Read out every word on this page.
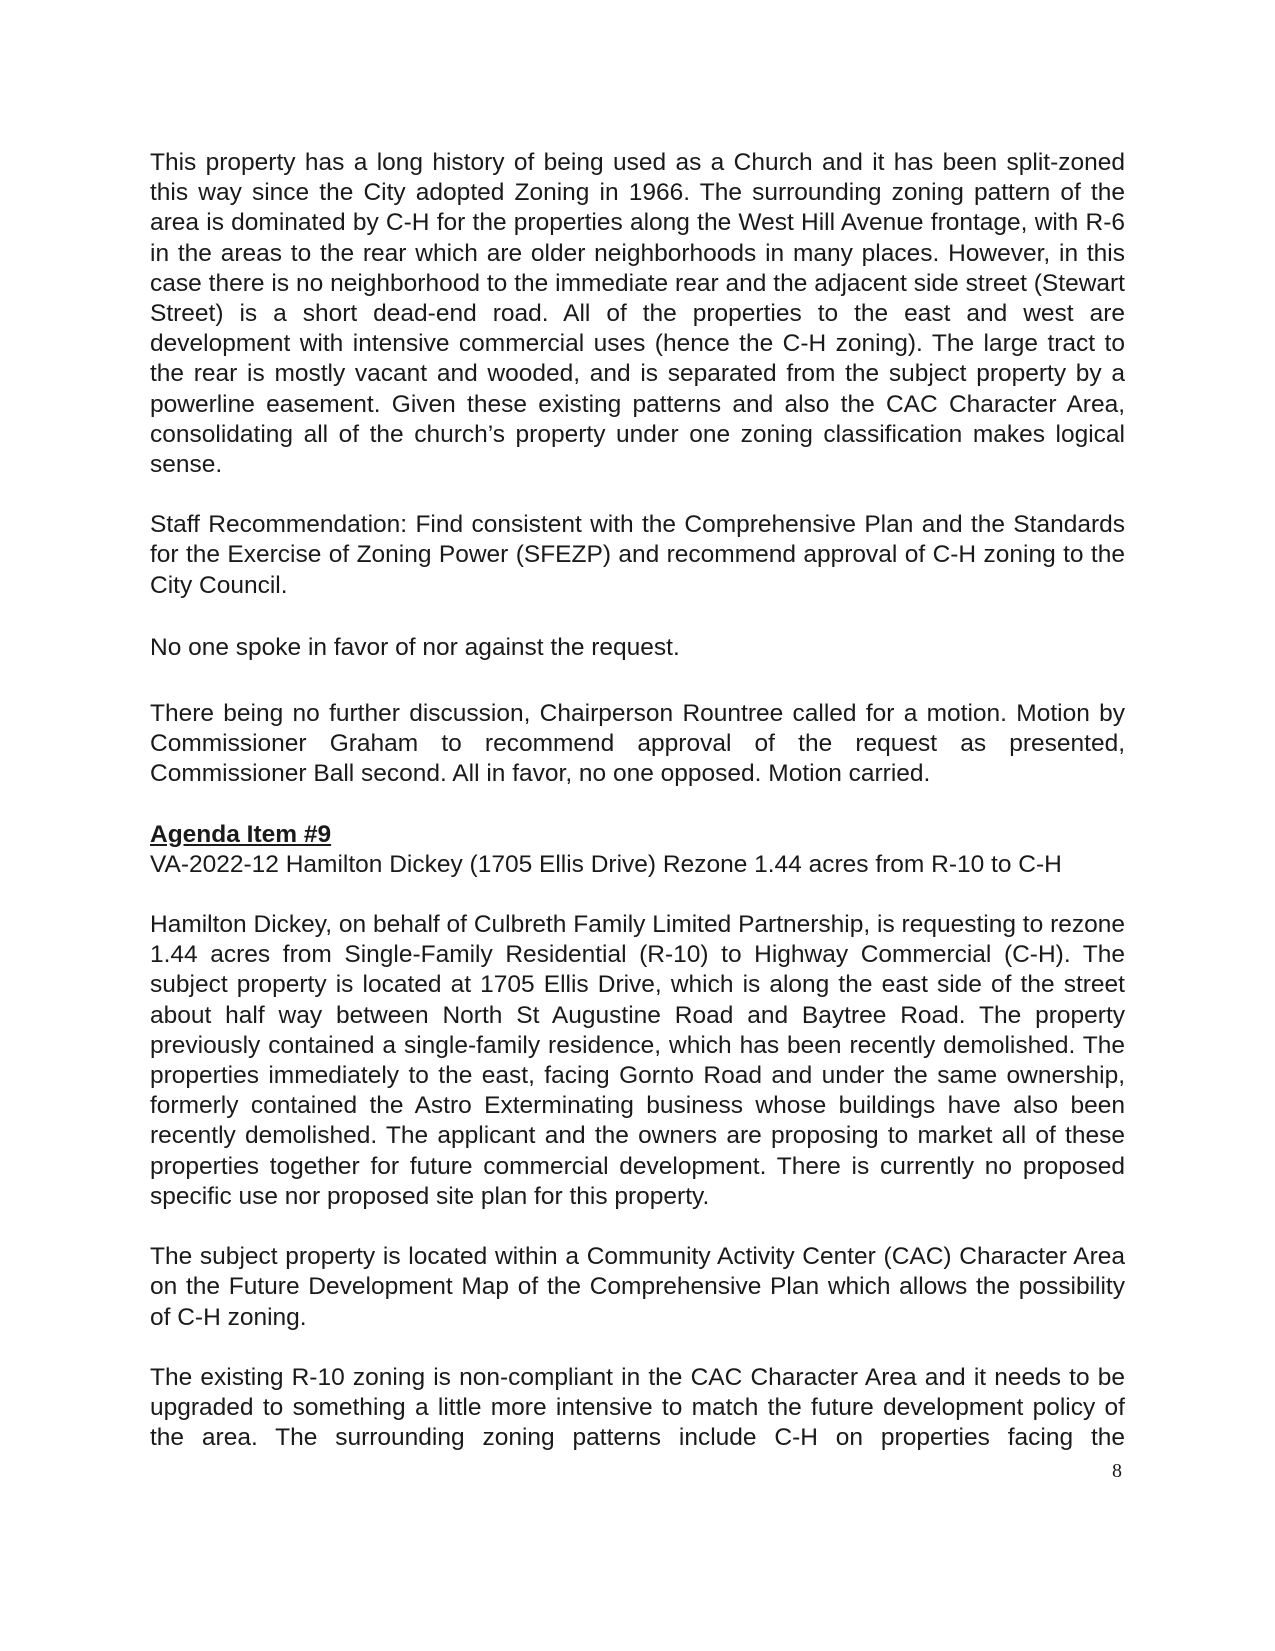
This property has a long history of being used as a Church and it has been split-zoned this way since the City adopted Zoning in 1966. The surrounding zoning pattern of the area is dominated by C-H for the properties along the West Hill Avenue frontage, with R-6 in the areas to the rear which are older neighborhoods in many places. However, in this case there is no neighborhood to the immediate rear and the adjacent side street (Stewart Street) is a short dead-end road. All of the properties to the east and west are development with intensive commercial uses (hence the C-H zoning). The large tract to the rear is mostly vacant and wooded, and is separated from the subject property by a powerline easement. Given these existing patterns and also the CAC Character Area, consolidating all of the church’s property under one zoning classification makes logical sense.

Staff Recommendation: Find consistent with the Comprehensive Plan and the Standards for the Exercise of Zoning Power (SFEZP) and recommend approval of C-H zoning to the City Council.

No one spoke in favor of nor against the request.

There being no further discussion, Chairperson Rountree called for a motion. Motion by Commissioner Graham to recommend approval of the request as presented, Commissioner Ball second. All in favor, no one opposed. Motion carried.

Agenda Item #9

VA-2022-12 Hamilton Dickey (1705 Ellis Drive) Rezone 1.44 acres from R-10 to C-H

Hamilton Dickey, on behalf of Culbreth Family Limited Partnership, is requesting to rezone 1.44 acres from Single-Family Residential (R-10) to Highway Commercial (C-H). The subject property is located at 1705 Ellis Drive, which is along the east side of the street about half way between North St Augustine Road and Baytree Road. The property previously contained a single-family residence, which has been recently demolished. The properties immediately to the east, facing Gornto Road and under the same ownership, formerly contained the Astro Exterminating business whose buildings have also been recently demolished. The applicant and the owners are proposing to market all of these properties together for future commercial development. There is currently no proposed specific use nor proposed site plan for this property.

The subject property is located within a Community Activity Center (CAC) Character Area on the Future Development Map of the Comprehensive Plan which allows the possibility of C-H zoning.

The existing R-10 zoning is non-compliant in the CAC Character Area and it needs to be upgraded to something a little more intensive to match the future development policy of the area. The surrounding zoning patterns include C-H on properties facing the

8
